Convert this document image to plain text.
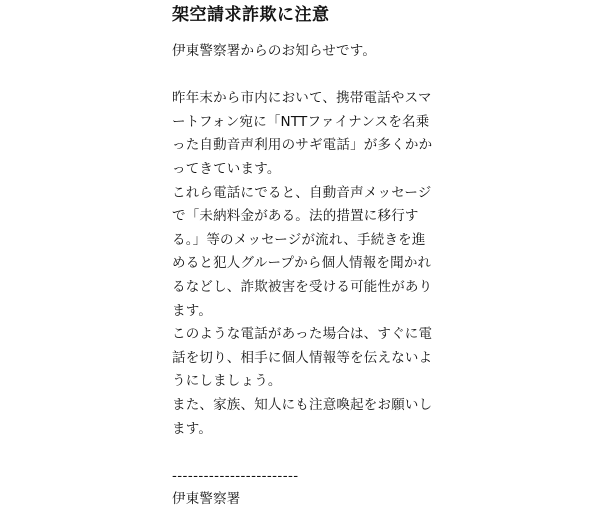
架空請求詐欺に注意
伊東警察署からのお知らせです。
昨年末から市内において、携帯電話やスマ
ートフォン宛に「NTTファイナンスを名乗
った自動音声利用のサギ電話」が多くかか
ってきています。
これら電話にでると、自動音声メッセージ
で「未納料金がある。法的措置に移行す
る。」等のメッセージが流れ、手続きを進
めると犯人グループから個人情報を聞かれ
るなどし、詐欺被害を受ける可能性があり
ます。
このような電話があった場合は、すぐに電
話を切り、相手に個人情報等を伝えないよ
うにしましょう。
また、家族、知人にも注意喚起をお願いし
ます。
------------------------
伊東警察署
